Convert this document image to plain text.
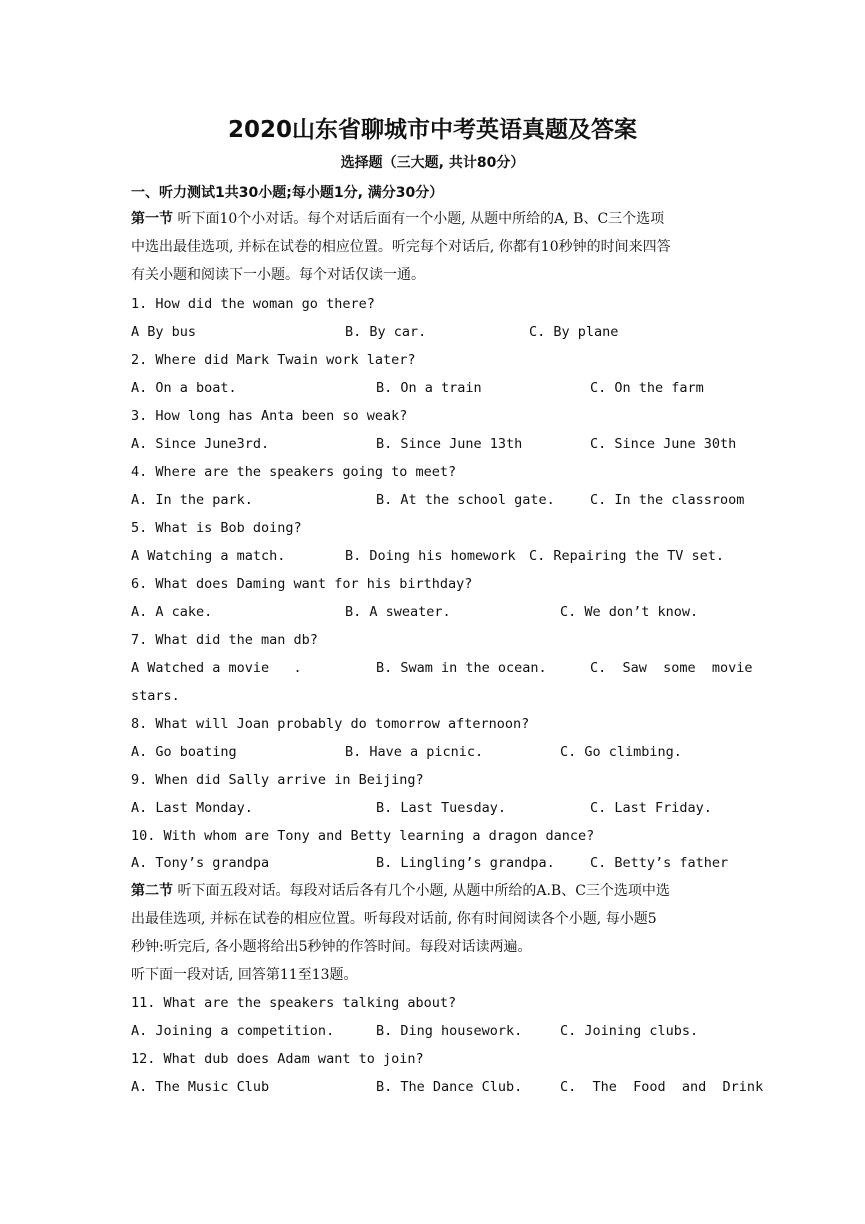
2020山东省聊城市中考英语真题及答案
选择题（三大题, 共计80分）
一、听力测试1共30小题;每小题1分, 满分30分）

第一节 听下面10个小对话。每个对话后面有一个小题, 从题中所给的A, B、C三个选项

中选出最佳选项, 并标在试卷的相应位置。听完每个对话后, 你都有10秒钟的时间来四答

有关小题和阅读下一小题。每个对话仅读一通。

1. How did the woman go there?
A By bus	B. By car.	C. By plane
2. Where did Mark Twain work later?
A. On a boat.	B. On a train	C. On the farm
3. How long has Anta been so weak?
A. Since June3rd.	B. Since June 13th	C. Since June 30th
4. Where are the speakers going to meet?
A. In the park.	B. At the school gate.	C. In the classroom
5. What is Bob doing?
A Watching a match.	B. Doing his homework C. Repairing the TV set.
6. What does Daming want for his birthday?
A. A cake.	B. A sweater.	C. We don’t know.
7. What did the man db?
A Watched a movie   .	B. Swam in the ocean.	C.  Saw  some  movie
stars.
8. What will Joan probably do tomorrow afternoon?
A. Go boating	B. Have a picnic.	C. Go climbing.
9. When did Sally arrive in Beijing?
A. Last Monday.	B. Last Tuesday.	C. Last Friday.
10. With whom are Tony and Betty learning a dragon dance?
A. Tony’s grandpa	B. Lingling’s grandpa.	C. Betty’s father

第二节 听下面五段对话。每段对话后各有几个小题, 从题中所给的A.B、C三个选项中选

出最佳选项, 并标在试卷的相应位置。听每段对话前, 你有时间阅读各个小题, 每小题5

秒钟:听完后, 各小题将给出5秒钟的作答时间。每段对话读两遍。

听下面一段对话, 回答第11至13题。
11. What are the speakers talking about?
A. Joining a competition.	B. Ding housework.	C. Joining clubs.
12. What dub does Adam want to join?
A. The Music Club	B. The Dance Club.	C.  The  Food  and  Drink
